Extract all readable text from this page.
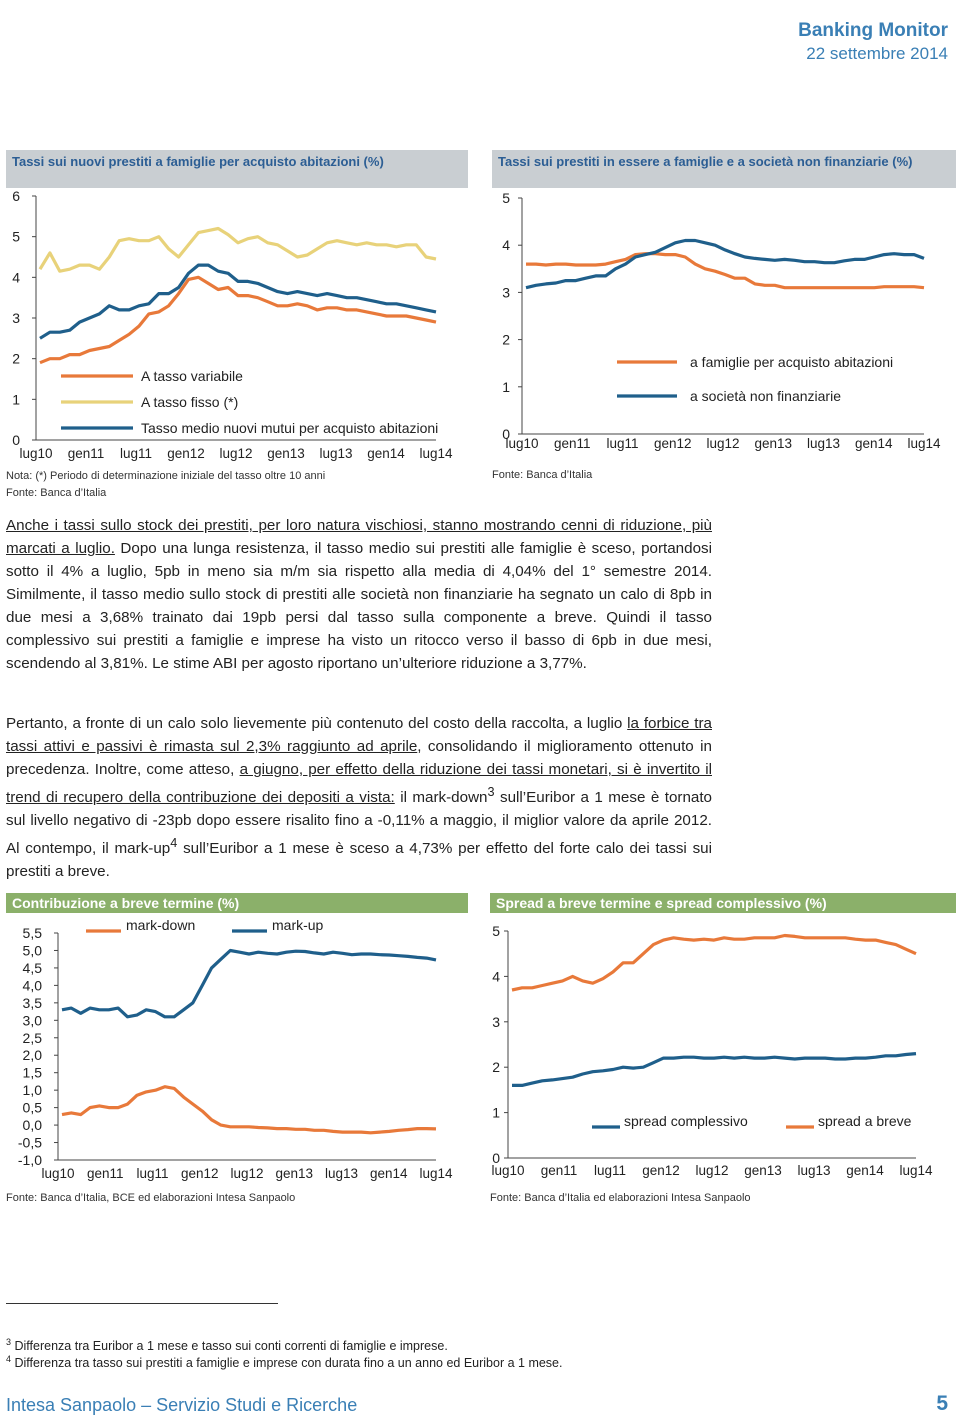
Banking Monitor
22 settembre 2014
Tassi sui nuovi prestiti a famiglie per acquisto abitazioni (%)
0
1
2
3
4
5
6
lug10 gen11 lug11 gen12 lug12 gen13 lug13 gen14 lug14
A tasso variabile
A tasso fisso (*)
Tasso medio nuovi mutui per acquisto abitazioni
Nota: (*) Periodo di determinazione iniziale del tasso oltre 10 anni
Fonte: Banca d’Italia
Tassi sui prestiti in essere a famiglie e a società non finanziarie (%)
0
1
2
3
4
5
lug10 gen11 lug11 gen12 lug12 gen13 lug13 gen14 lug14
a famiglie per acquisto abitazioni
a società non finanziarie
Fonte: Banca d’Italia

Anche i tassi sullo stock dei prestiti, per loro natura vischiosi, stanno mostrando cenni di riduzione, più marcati a luglio. Dopo una lunga resistenza, il tasso medio sui prestiti alle famiglie è sceso, portandosi sotto il 4% a luglio, 5pb in meno sia m/m sia rispetto alla media di 4,04% del 1° semestre 2014. Similmente, il tasso medio sullo stock di prestiti alle società non finanziarie ha segnato un calo di 8pb in due mesi a 3,68% trainato dai 19pb persi dal tasso sulla componente a breve. Quindi il tasso complessivo sui prestiti a famiglie e imprese ha visto un ritocco verso il basso di 6pb in due mesi, scendendo al 3,81%. Le stime ABI per agosto riportano un’ulteriore riduzione a 3,77%.

Pertanto, a fronte di un calo solo lievemente più contenuto del costo della raccolta, a luglio la forbice tra tassi attivi e passivi è rimasta sul 2,3% raggiunto ad aprile, consolidando il miglioramento ottenuto in precedenza. Inoltre, come atteso, a giugno, per effetto della riduzione dei tassi monetari, si è invertito il trend di recupero della contribuzione dei depositi a vista: il mark-down$^3$ sull’Euribor a 1 mese è tornato sul livello negativo di -23pb dopo essere risalito fino a -0,11% a maggio, il miglior valore da aprile 2012. Al contempo, il mark-$up^4$ sull’Euribor a 1 mese è sceso a 4,73% per effetto del forte calo dei tassi sui prestiti a breve.

Contribuzione a breve termine (%)
5,5
5,0
4,5
4,0
3,5
3,0
2,5
2,0
1,5
1,0
0,5
0,0
-0,5
-1,0
lug10 gen11 lug11 gen12 lug12 gen13 lug13 gen14 lug14
mark-down	mark-up
Fonte: Banca d’Italia, BCE ed elaborazioni Intesa Sanpaolo
Spread a breve termine e spread complessivo (%)
0
1
2
3
4
5
lug10 gen11 lug11 gen12 lug12 gen13 lug13 gen14 lug14
spread complessivo	spread a breve
Fonte: Banca d’Italia ed elaborazioni Intesa Sanpaolo
$^3$ Differenza tra Euribor a 1 mese e tasso sui conti correnti di famiglie e imprese.
$^4$ Differenza tra tasso sui prestiti a famiglie e imprese con durata fino a un anno ed Euribor a 1 mese.
Intesa Sanpaolo – Servizio Studi e Ricerche	5
